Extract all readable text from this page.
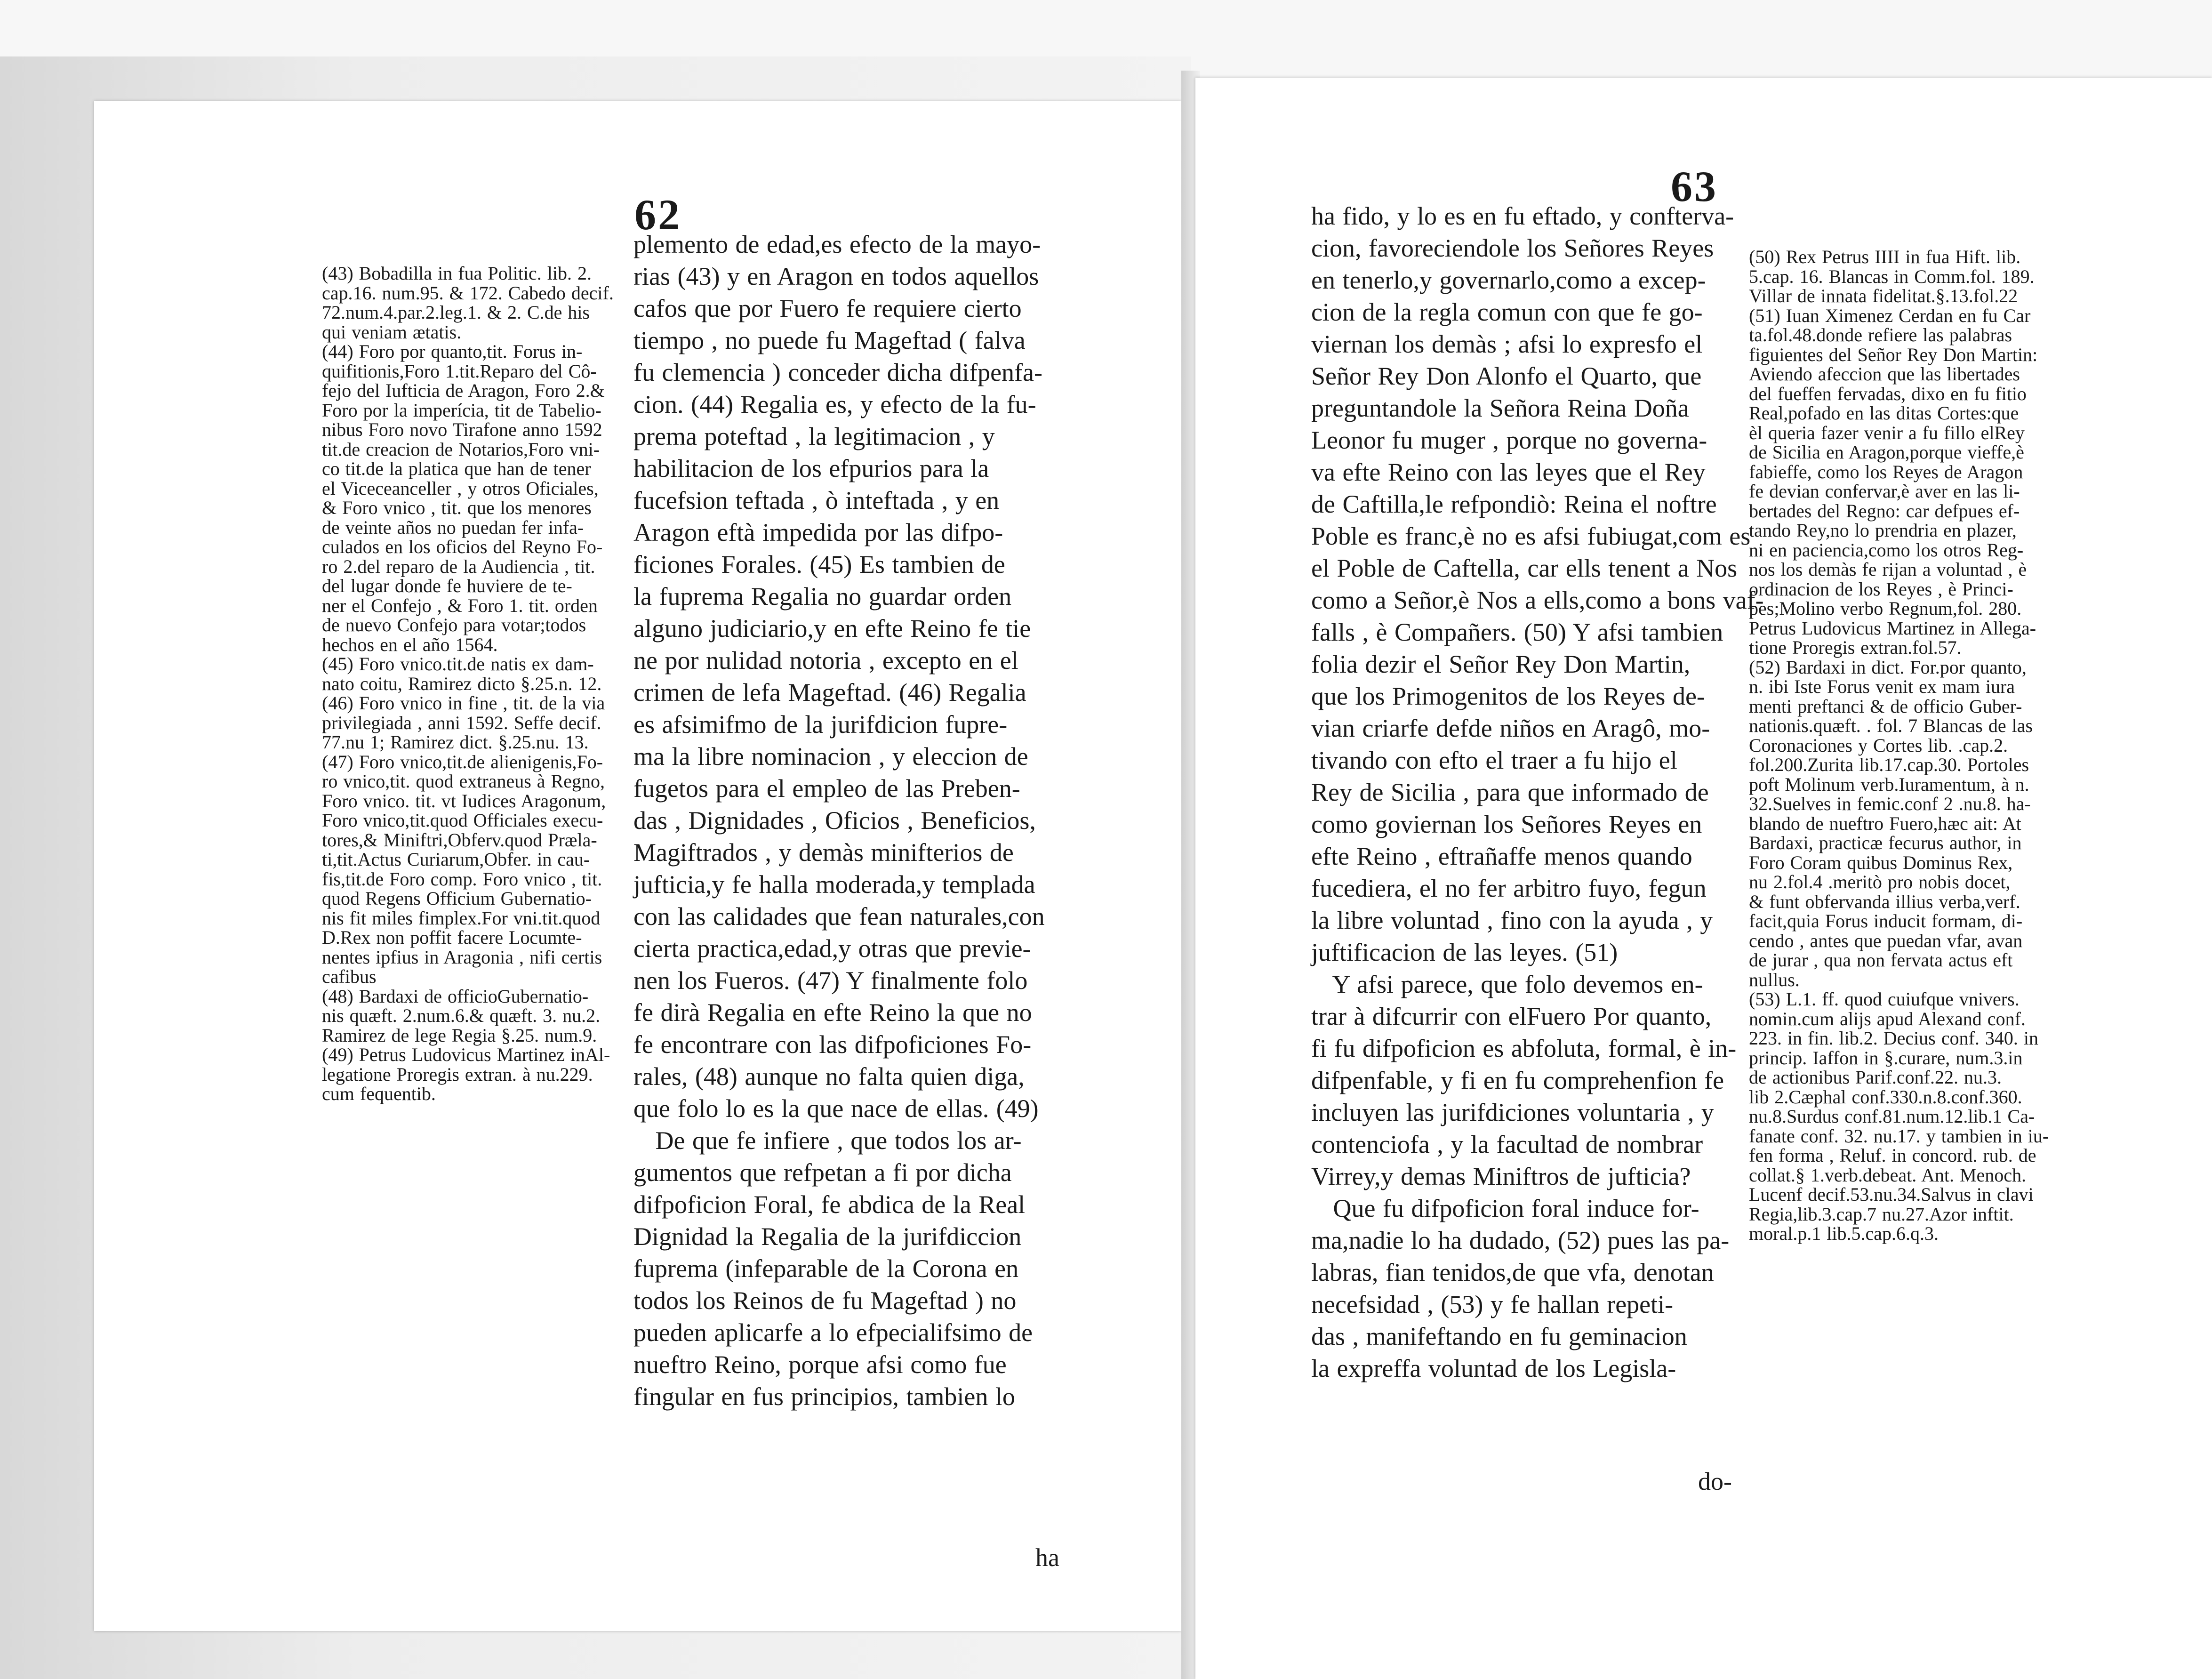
62
(43) Bobadilla in fua Politic. lib. 2.
cap.16. num.95. & 172. Cabedo decif.
72.num.4.par.2.leg.1. & 2. C.de his
qui veniam ætatis.
(44) Foro por quanto,tit. Forus in-
quifitionis,Foro 1.tit.Reparo del Cô-
fejo del Iufticia de Aragon, Foro 2.&
Foro por la imperícia, tit de Tabelio-
nibus Foro novo Tirafone anno 1592
tit.de creacion de Notarios,Foro vni-
co tit.de la platica que han de tener
el Viceceanceller , y otros Oficiales,
& Foro vnico , tit. que los menores
de veinte años no puedan fer infa-
culados en los oficios del Reyno Fo-
ro 2.del reparo de la Audiencia , tit.
del lugar donde fe huviere de te-
ner el Confejo , & Foro 1. tit. orden
de nuevo Confejo para votar;todos
hechos en el año 1564.
(45) Foro vnico.tit.de natis ex dam-
nato coitu, Ramirez dicto §.25.n. 12.
(46) Foro vnico in fine , tit. de la via
privilegiada , anni 1592. Seffe decif.
77.nu 1; Ramirez dict. §.25.nu. 13.
(47) Foro vnico,tit.de alienigenis,Fo-
ro vnico,tit. quod extraneus à Regno,
Foro vnico. tit. vt Iudices Aragonum,
Foro vnico,tit.quod Officiales execu-
tores,& Miniftri,Obferv.quod Præla-
ti,tit.Actus Curiarum,Obfer. in cau-
fis,tit.de Foro comp. Foro vnico , tit.
quod Regens Officium Gubernatio-
nis fit miles fimplex.For vni.tit.quod
D.Rex non poffit facere Locumte-
nentes ipfius in Aragonia , nifi certis
cafibus
(48) Bardaxi de officioGubernatio-
nis quæft. 2.num.6.& quæft. 3. nu.2.
Ramirez de lege Regia §.25. num.9.
(49) Petrus Ludovicus Martinez inAl-
legatione Proregis extran. à nu.229.
cum fequentib.
plemento de edad,es efecto de la mayo-
rias (43) y en Aragon en todos aquellos
cafos que por Fuero fe requiere cierto
tiempo , no puede fu Mageftad ( falva
fu clemencia ) conceder dicha difpenfa-
cion. (44) Regalia es, y efecto de la fu-
prema poteftad , la legitimacion , y
habilitacion de los efpurios para la
fucefsion teftada , ò inteftada , y en
Aragon eftà impedida por las difpo-
ficiones Forales. (45) Es tambien de
la fuprema Regalia no guardar orden
alguno judiciario,y en efte Reino fe tie
ne por nulidad notoria , excepto en el
crimen de lefa Mageftad. (46) Regalia
es afsimifmo de la jurifdicion fupre-
ma la libre nominacion , y eleccion de
fugetos para el empleo de las Preben-
das , Dignidades , Oficios , Beneficios,
Magiftrados , y demàs minifterios de
jufticia,y fe halla moderada,y templada
con las calidades que fean naturales,con
cierta practica,edad,y otras que previe-
nen los Fueros. (47) Y finalmente folo
fe dirà Regalia en efte Reino la que no
fe encontrare con las difpoficiones Fo-
rales, (48) aunque no falta quien diga,
que folo lo es la que nace de ellas. (49)
De que fe infiere , que todos los ar-
gumentos que refpetan a fi por dicha
difpoficion Foral, fe abdica de la Real
Dignidad la Regalia de la jurifdiccion
fuprema (infeparable de la Corona en
todos los Reinos de fu Mageftad ) no
pueden aplicarfe a lo efpecialifsimo de
nueftro Reino, porque afsi como fue
fingular en fus principios, tambien lo
ha
63
ha fido, y lo es en fu eftado, y confterva-
cion, favoreciendole los Señores Reyes
en tenerlo,y governarlo,como a excep-
cion de la regla comun con que fe go-
viernan los demàs ; afsi lo expresfo el
Señor Rey Don Alonfo el Quarto, que
preguntandole la Señora Reina Doña
Leonor fu muger , porque no governa-
va efte Reino con las leyes que el Rey
de Caftilla,le refpondiò: Reina el noftre
Poble es franc,è no es afsi fubiugat,com es
el Poble de Caftella, car ells tenent a Nos
como a Señor,è Nos a ells,como a bons vaf-
falls , è Compañers. (50) Y afsi tambien
folia dezir el Señor Rey Don Martin,
que los Primogenitos de los Reyes de-
vian criarfe defde niños en Aragô, mo-
tivando con efto el traer a fu hijo el
Rey de Sicilia , para que informado de
como goviernan los Señores Reyes en
efte Reino , eftrañaffe menos quando
fucediera, el no fer arbitro fuyo, fegun
la libre voluntad , fino con la ayuda , y
juftificacion de las leyes. (51)
Y afsi parece, que folo devemos en-
trar à difcurrir con elFuero Por quanto,
fi fu difpoficion es abfoluta, formal, è in-
difpenfable, y fi en fu comprehenfion fe
incluyen las jurifdiciones voluntaria , y
contenciofa , y la facultad de nombrar
Virrey,y demas Miniftros de jufticia?
Que fu difpoficion foral induce for-
ma,nadie lo ha dudado, (52) pues las pa-
labras, fian tenidos,de que vfa, denotan
necefsidad , (53) y fe hallan repeti-
das , manifeftando en fu geminacion
la expreffa voluntad de los Legisla-
(50) Rex Petrus IIII in fua Hift. lib.
5.cap. 16. Blancas in Comm.fol. 189.
Villar de innata fidelitat.§.13.fol.22
(51) Iuan Ximenez Cerdan en fu Car
ta.fol.48.donde refiere las palabras
figuientes del Señor Rey Don Martin:
Aviendo afeccion que las libertades
del fueffen fervadas, dixo en fu fitio
Real,pofado en las ditas Cortes:que
èl queria fazer venir a fu fillo elRey
de Sicilia en Aragon,porque vieffe,è
fabieffe, como los Reyes de Aragon
fe devian confervar,è aver en las li-
bertades del Regno: car defpues ef-
tando Rey,no lo prendria en plazer,
ni en paciencia,como los otros Reg-
nos los demàs fe rijan a voluntad , è
ordinacion de los Reyes , è Princi-
pes;Molino verbo Regnum,fol. 280.
Petrus Ludovicus Martinez in Allega-
tione Proregis extran.fol.57.
(52) Bardaxi in dict. For.por quanto,
n. ibi Iste Forus venit ex mam iura
menti preftanci & de officio Guber-
nationis.quæft. . fol. 7 Blancas de las
Coronaciones y Cortes lib. .cap.2.
fol.200.Zurita lib.17.cap.30. Portoles
poft Molinum verb.Iuramentum, à n.
32.Suelves in femic.conf 2 .nu.8. ha-
blando de nueftro Fuero,hæc ait: At
Bardaxi, practicæ fecurus author, in
Foro Coram quibus Dominus Rex,
nu 2.fol.4 .meritò pro nobis docet,
& funt obfervanda illius verba,verf.
facit,quia Forus inducit formam, di-
cendo , antes que puedan vfar, avan
de jurar , qua non fervata actus eft
nullus.
(53) L.1. ff. quod cuiufque vnivers.
nomin.cum alijs apud Alexand conf.
223. in fin. lib.2. Decius conf. 340. in
princip. Iaffon in §.curare, num.3.in
de actionibus Parif.conf.22. nu.3.
lib 2.Cæphal conf.330.n.8.conf.360.
nu.8.Surdus conf.81.num.12.lib.1 Ca-
fanate conf. 32. nu.17. y tambien in iu-
fen forma , Reluf. in concord. rub. de
collat.§ 1.verb.debeat. Ant. Menoch.
Lucenf decif.53.nu.34.Salvus in clavi
Regia,lib.3.cap.7 nu.27.Azor inftit.
moral.p.1 lib.5.cap.6.q.3.
do-
